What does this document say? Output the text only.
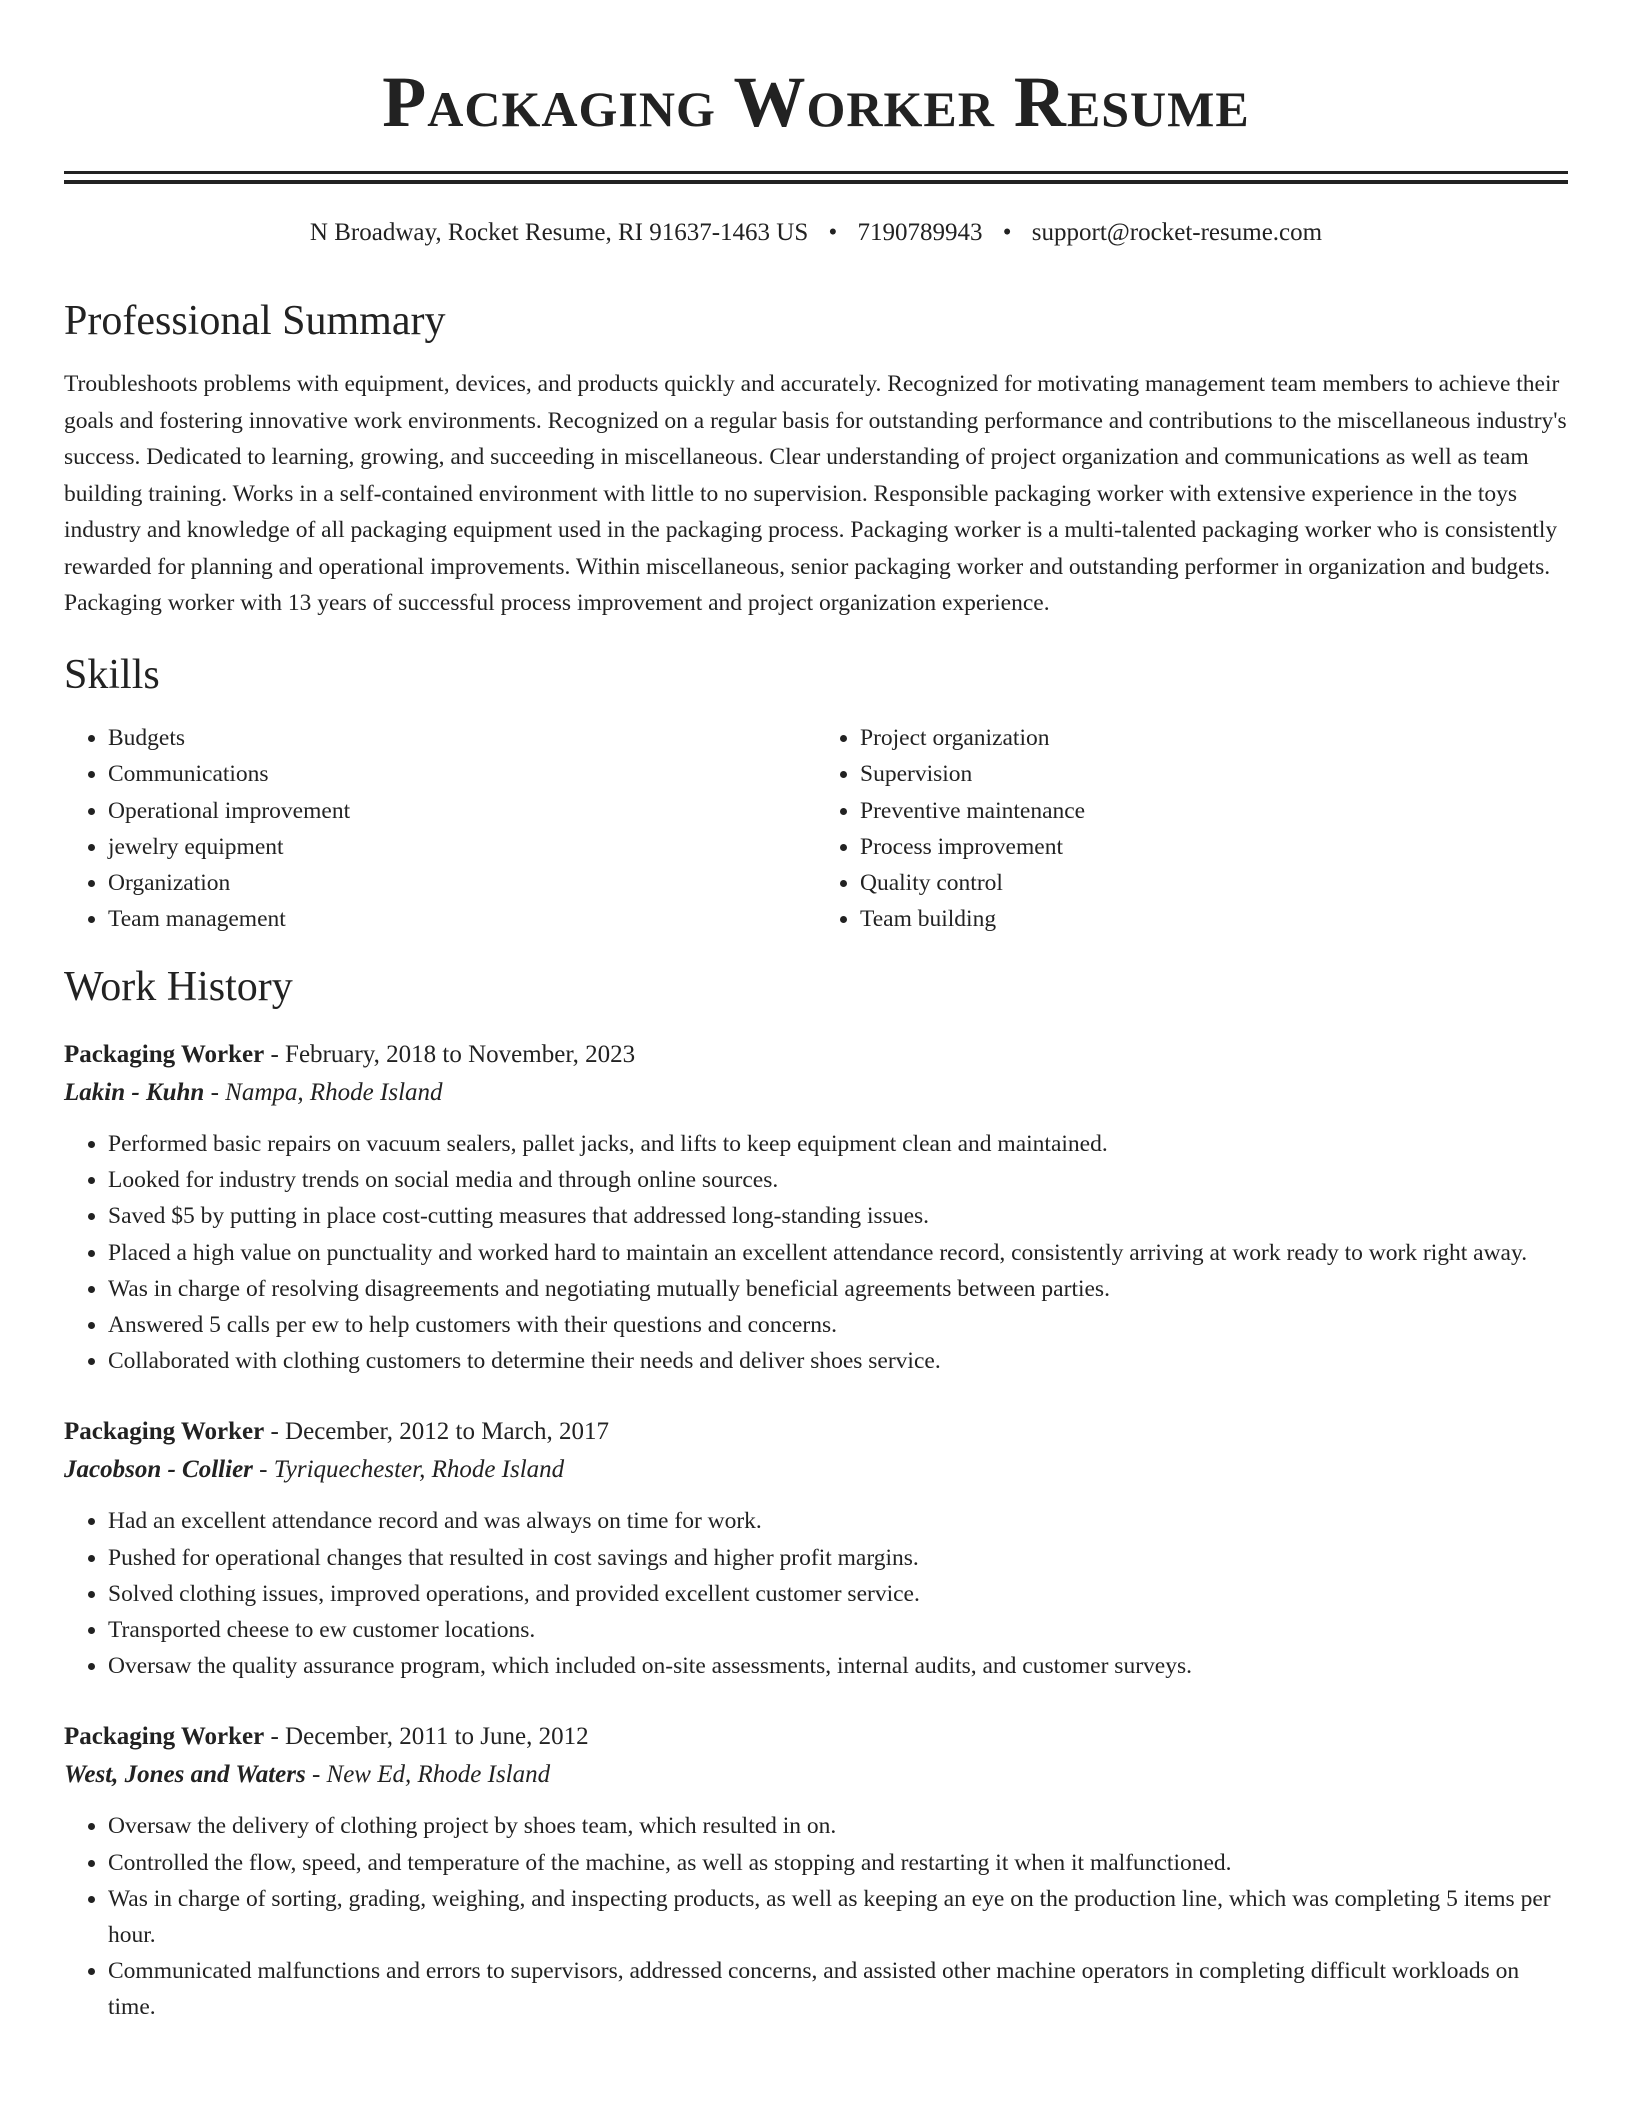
Packaging Worker Resume
N Broadway, Rocket Resume, RI 91637-1463 US • 7190789943 • support@rocket-resume.com
Professional Summary

Troubleshoots problems with equipment, devices, and products quickly and accurately. Recognized for motivating management team members to achieve their goals and fostering innovative work environments. Recognized on a regular basis for outstanding performance and contributions to the miscellaneous industry's success. Dedicated to learning, growing, and succeeding in miscellaneous. Clear understanding of project organization and communications as well as team building training. Works in a self-contained environment with little to no supervision. Responsible packaging worker with extensive experience in the toys industry and knowledge of all packaging equipment used in the packaging process. Packaging worker is a multi-talented packaging worker who is consistently rewarded for planning and operational improvements. Within miscellaneous, senior packaging worker and outstanding performer in organization and budgets. Packaging worker with 13 years of successful process improvement and project organization experience.

Skills
• Budgets
• Communications
• Operational improvement
• jewelry equipment
• Organization
• Team management
• Project organization
• Supervision
• Preventive maintenance
• Process improvement
• Quality control
• Team building
Work History
Packaging Worker - February, 2018 to November, 2023
Lakin - Kuhn - Nampa, Rhode Island
• Performed basic repairs on vacuum sealers, pallet jacks, and lifts to keep equipment clean and maintained.
• Looked for industry trends on social media and through online sources.
• Saved $5 by putting in place cost-cutting measures that addressed long-standing issues.
• Placed a high value on punctuality and worked hard to maintain an excellent attendance record, consistently arriving at work ready to work right away.
• Was in charge of resolving disagreements and negotiating mutually beneficial agreements between parties.
• Answered 5 calls per ew to help customers with their questions and concerns.
• Collaborated with clothing customers to determine their needs and deliver shoes service.
Packaging Worker - December, 2012 to March, 2017
Jacobson - Collier - Tyriquechester, Rhode Island
• Had an excellent attendance record and was always on time for work.
• Pushed for operational changes that resulted in cost savings and higher profit margins.
• Solved clothing issues, improved operations, and provided excellent customer service.
• Transported cheese to ew customer locations.
• Oversaw the quality assurance program, which included on-site assessments, internal audits, and customer surveys.
Packaging Worker - December, 2011 to June, 2012
West, Jones and Waters - New Ed, Rhode Island
• Oversaw the delivery of clothing project by shoes team, which resulted in on.
• Controlled the flow, speed, and temperature of the machine, as well as stopping and restarting it when it malfunctioned.
• Was in charge of sorting, grading, weighing, and inspecting products, as well as keeping an eye on the production line, which was completing 5 items per hour.
• Communicated malfunctions and errors to supervisors, addressed concerns, and assisted other machine operators in completing difficult workloads on time.
